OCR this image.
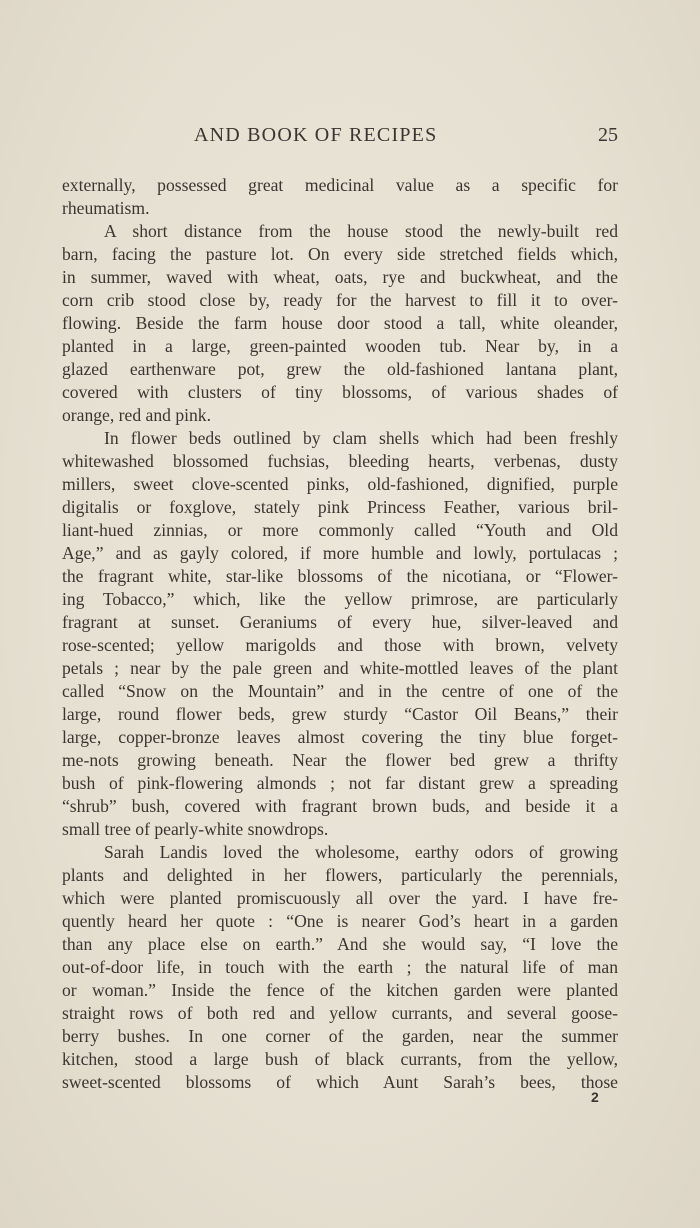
AND BOOK OF RECIPES	25
externally, possessed great medicinal value as a specific for
rheumatism.
A short distance from the house stood the newly-built red
barn, facing the pasture lot. On every side stretched fields which,
in summer, waved with wheat, oats, rye and buckwheat, and the
corn crib stood close by, ready for the harvest to fill it to over-
flowing. Beside the farm house door stood a tall, white oleander,
planted in a large, green-painted wooden tub. Near by, in a
glazed earthenware pot, grew the old-fashioned lantana plant,
covered with clusters of tiny blossoms, of various shades of
orange, red and pink.
In flower beds outlined by clam shells which had been freshly
whitewashed blossomed fuchsias, bleeding hearts, verbenas, dusty
millers, sweet clove-scented pinks, old-fashioned, dignified, purple
digitalis or foxglove, stately pink Princess Feather, various bril-
liant-hued zinnias, or more commonly called “Youth and Old
Age,” and as gayly colored, if more humble and lowly, portulacas ;
the fragrant white, star-like blossoms of the nicotiana, or “Flower-
ing Tobacco,” which, like the yellow primrose, are particularly
fragrant at sunset. Geraniums of every hue, silver-leaved and
rose-scented; yellow marigolds and those with brown, velvety
petals ; near by the pale green and white-mottled leaves of the plant
called “Snow on the Mountain” and in the centre of one of the
large, round flower beds, grew sturdy “Castor Oil Beans,” their
large, copper-bronze leaves almost covering the tiny blue forget-
me-nots growing beneath. Near the flower bed grew a thrifty
bush of pink-flowering almonds ; not far distant grew a spreading
“shrub” bush, covered with fragrant brown buds, and beside it a
small tree of pearly-white snowdrops.
Sarah Landis loved the wholesome, earthy odors of growing
plants and delighted in her flowers, particularly the perennials,
which were planted promiscuously all over the yard. I have fre-
quently heard her quote : “One is nearer God’s heart in a garden
than any place else on earth.” And she would say, “I love the
out-of-door life, in touch with the earth ; the natural life of man
or woman.” Inside the fence of the kitchen garden were planted
straight rows of both red and yellow currants, and several goose-
berry bushes. In one corner of the garden, near the summer
kitchen, stood a large bush of black currants, from the yellow,
sweet-scented blossoms of which Aunt Sarah’s bees, those
2
